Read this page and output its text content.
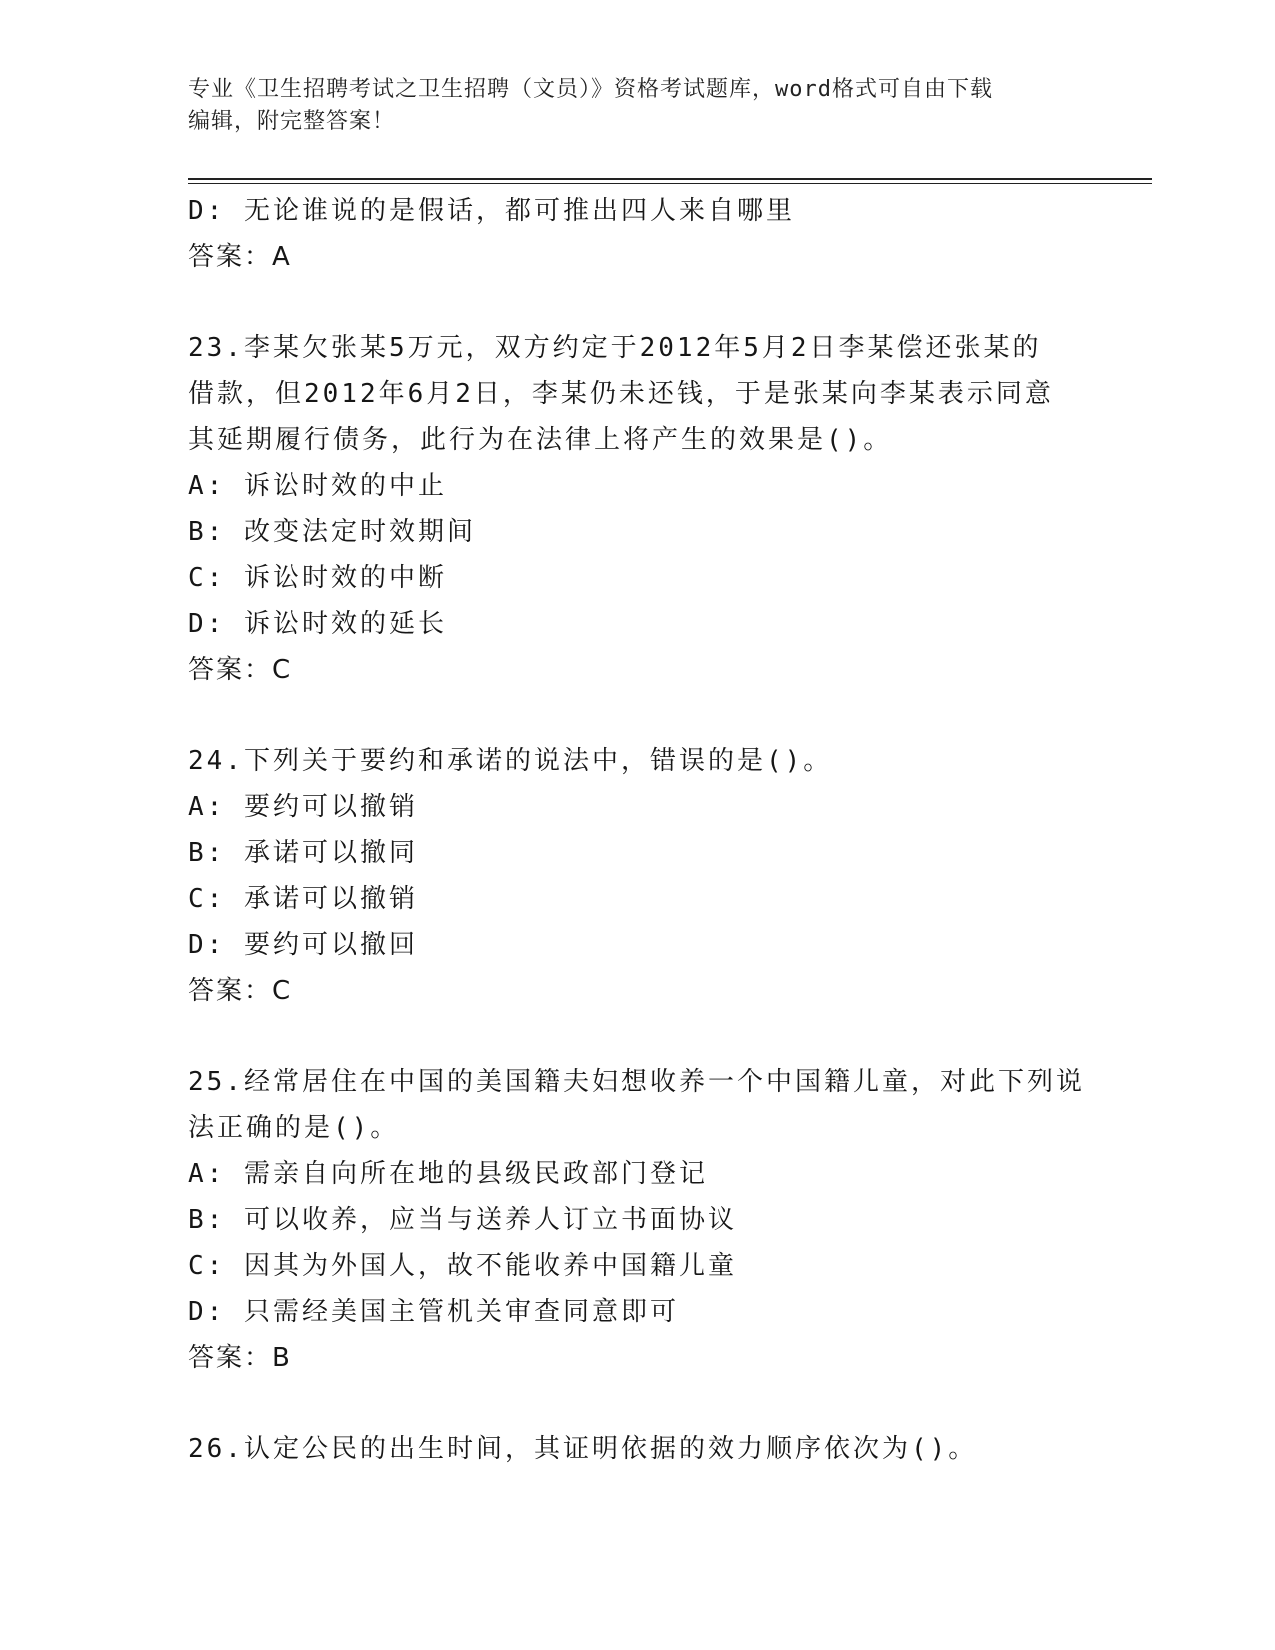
专业《卫生招聘考试之卫生招聘（文员）》资格考试题库，word格式可自由下载
编辑，附完整答案！
D: 无论谁说的是假话，都可推出四人来自哪里
答案：A
23.李某欠张某5万元，双方约定于2012年5月2日李某偿还张某的
借款，但2012年6月2日，李某仍未还钱，于是张某向李某表示同意
其延期履行债务，此行为在法律上将产生的效果是()。
A: 诉讼时效的中止
B: 改变法定时效期间
C: 诉讼时效的中断
D: 诉讼时效的延长
答案：C
24.下列关于要约和承诺的说法中，错误的是()。
A: 要约可以撤销
B: 承诺可以撤同
C: 承诺可以撤销
D: 要约可以撤回
答案：C
25.经常居住在中国的美国籍夫妇想收养一个中国籍儿童，对此下列说
法正确的是()。
A: 需亲自向所在地的县级民政部门登记
B: 可以收养，应当与送养人订立书面协议
C: 因其为外国人，故不能收养中国籍儿童
D: 只需经美国主管机关审查同意即可
答案：B
26.认定公民的出生时间，其证明依据的效力顺序依次为()。
